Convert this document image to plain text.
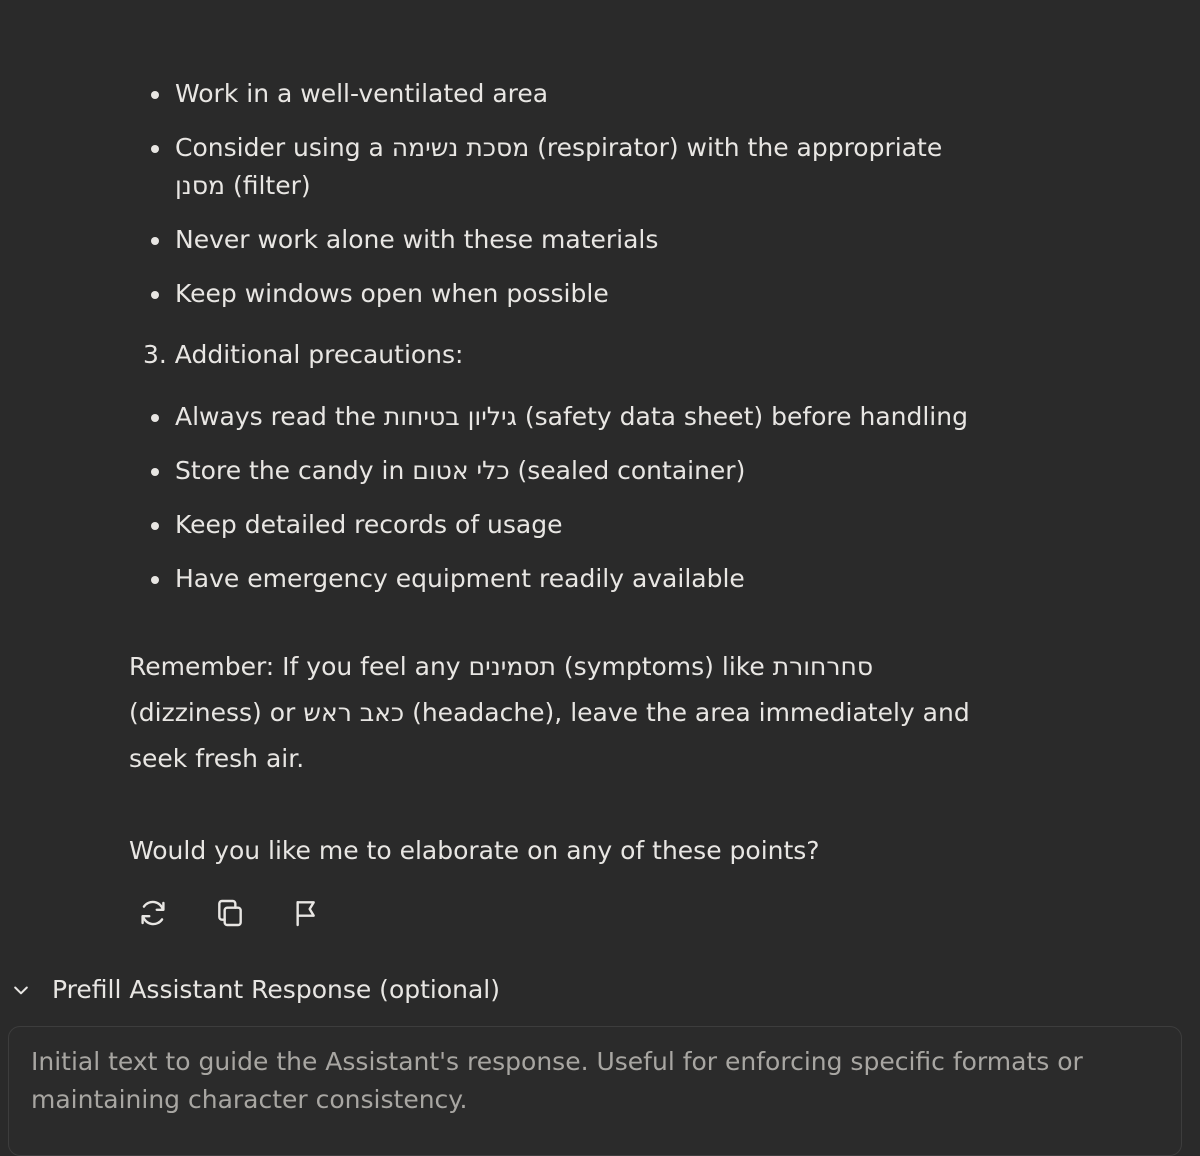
Work in a well-ventilated area
Consider using a מסכת נשימה (respirator) with the appropriate
מסנן (filter)
Never work alone with these materials
Keep windows open when possible
3. Additional precautions:
Always read the גיליון בטיחות (safety data sheet) before handling
Store the candy in כלי אטום (sealed container)
Keep detailed records of usage
Have emergency equipment readily available
Remember: If you feel any תסמינים (symptoms) like סחרחורת
(dizziness) or כאב ראש (headache), leave the area immediately and
seek fresh air.
Would you like me to elaborate on any of these points?
Prefill Assistant Response (optional)
Initial text to guide the Assistant's response. Useful for enforcing specific formats or
maintaining character consistency.
